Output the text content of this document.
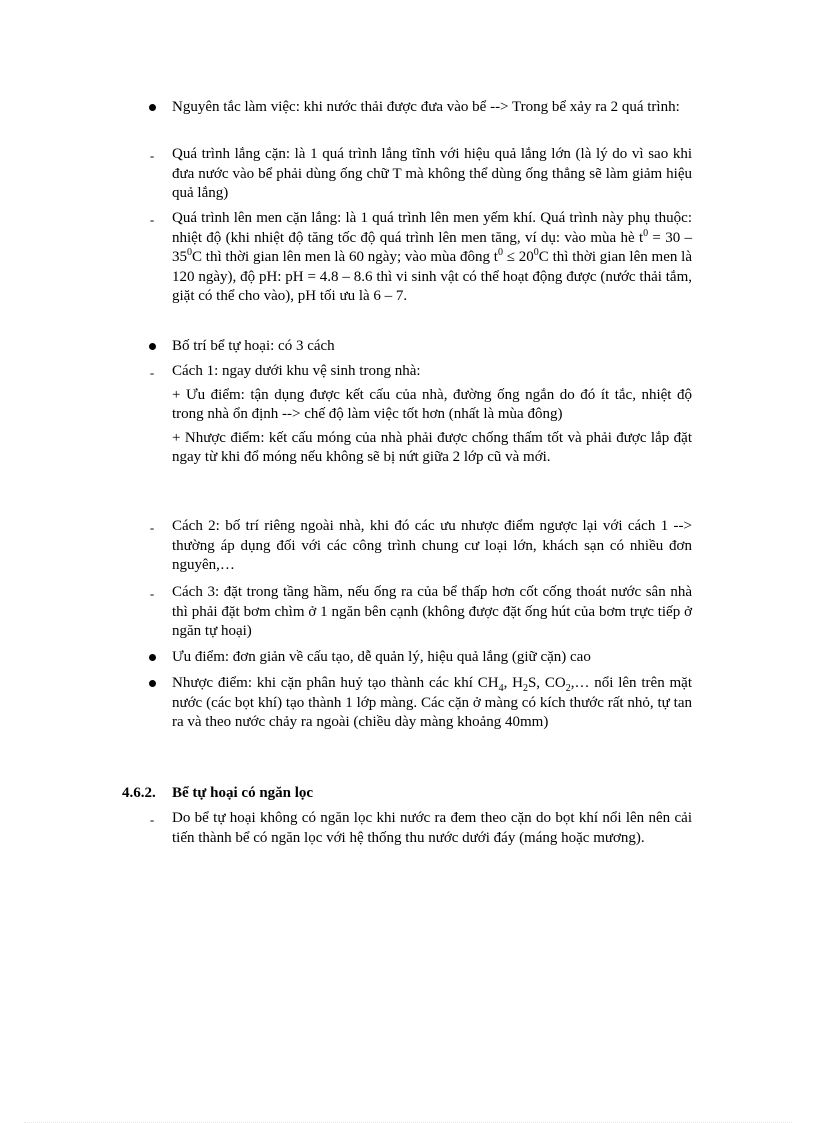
Nguyên tắc làm việc: khi nước thải được đưa vào bể --> Trong bể xảy ra 2 quá trình:

-

Quá trình lắng cặn: là 1 quá trình lắng tĩnh với hiệu quả lắng lớn (là lý do vì sao khi đưa nước vào bể phải dùng ống chữ T mà không thể dùng ống thẳng sẽ làm giảm hiệu quả lắng)

-

Quá trình lên men cặn lắng: là 1 quá trình lên men yếm khí. Quá trình này phụ thuộc: nhiệt độ (khi nhiệt độ tăng tốc độ quá trình lên men tăng, ví dụ: vào mùa hè $t^0 = 30 - 35^0C$ thì thời gian lên men là 60 ngày; vào mùa đông $t^0 \le 20^0C$ thì thời gian lên men là 120 ngày), độ pH: pH = 4.8 – 8.6 thì vi sinh vật có thể hoạt động được (nước thải tắm, giặt có thể cho vào), pH tối ưu là 6 – 7.

Bố trí bể tự hoại: có 3 cách

-

Cách 1: ngay dưới khu vệ sinh trong nhà:

+ Ưu điểm: tận dụng được kết cấu của nhà, đường ống ngắn do đó ít tắc, nhiệt độ trong nhà ổn định --> chế độ làm việc tốt hơn (nhất là mùa đông)

+ Nhược điểm: kết cấu móng của nhà phải được chống thấm tốt và phải được lắp đặt ngay từ khi đổ móng nếu không sẽ bị nứt giữa 2 lớp cũ và mới.

-

Cách 2: bố trí riêng ngoài nhà, khi đó các ưu nhược điểm ngược lại với cách 1 --> thường áp dụng đối với các công trình chung cư loại lớn, khách sạn có nhiều đơn nguyên,…

-

Cách 3: đặt trong tầng hầm, nếu ống ra của bể thấp hơn cốt cống thoát nước sân nhà thì phải đặt bơm chìm ở 1 ngăn bên cạnh (không được đặt ống hút của bơm trực tiếp ở ngăn tự hoại)

Ưu điểm: đơn giản về cấu tạo, dễ quản lý, hiệu quả lắng (giữ cặn) cao

Nhược điểm: khi cặn phân huỷ tạo thành các khí $CH_4$, $H_2S$, $CO_2,\dots$ nổi lên trên mặt nước (các bọt khí) tạo thành 1 lớp màng. Các cặn ở màng có kích thước rất nhỏ, tự tan ra và theo nước chảy ra ngoài (chiều dày màng khoảng 40mm)

4.6.2. Bể tự hoại có ngăn lọc
-

Do bể tự hoại không có ngăn lọc khi nước ra đem theo cặn do bọt khí nổi lên nên cải tiến thành bể có ngăn lọc với hệ thống thu nước dưới đáy (máng hoặc mương).
